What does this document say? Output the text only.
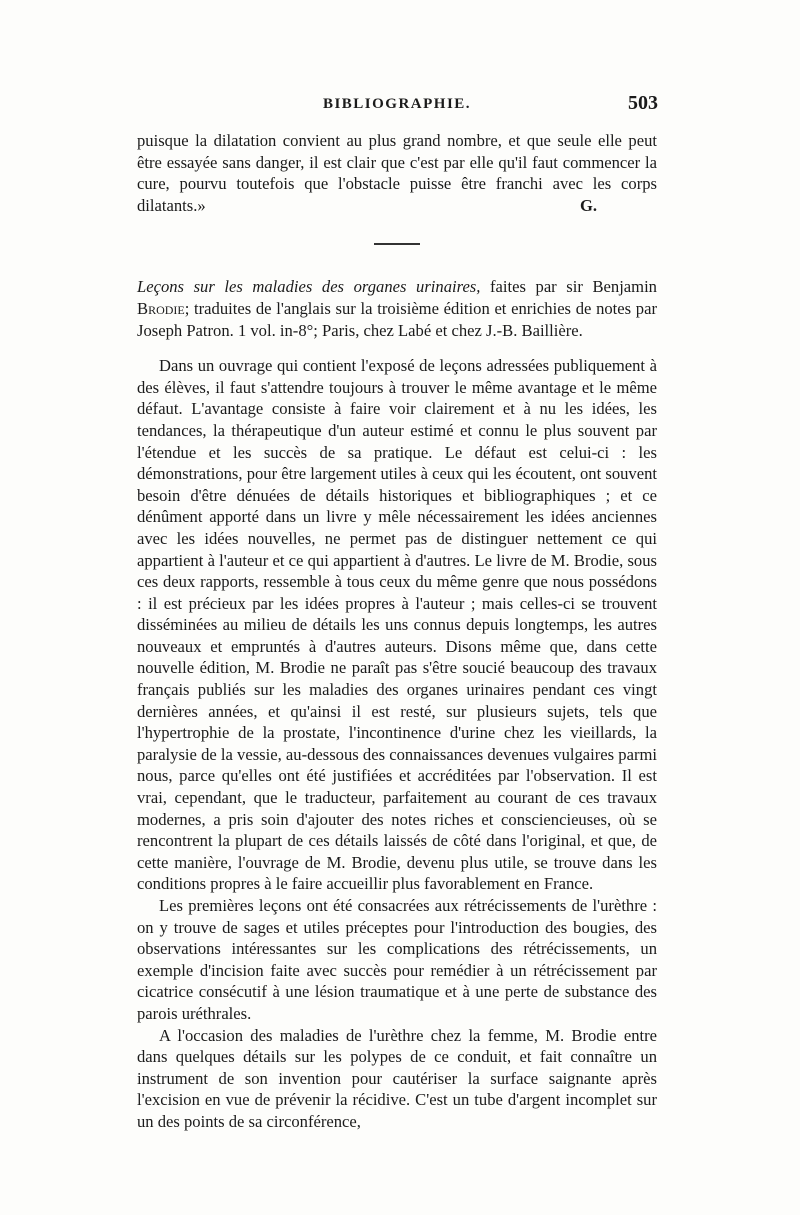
BIBLIOGRAPHIE.	503

puisque la dilatation convient au plus grand nombre, et que seule elle peut être essayée sans danger, il est clair que c'est par elle qu'il faut commencer la cure, pourvu toutefois que l'obstacle puisse être franchi avec les corps dilatants.»	G.

Leçons sur les maladies des organes urinaires, faites par sir Benjamin Brodie; traduites de l'anglais sur la troisième édition et enrichies de notes par Joseph Patron. 1 vol. in-8°; Paris, chez Labé et chez J.-B. Baillière.

Dans un ouvrage qui contient l'exposé de leçons adressées publiquement à des élèves, il faut s'attendre toujours à trouver le même avantage et le même défaut. L'avantage consiste à faire voir clairement et à nu les idées, les tendances, la thérapeutique d'un auteur estimé et connu le plus souvent par l'étendue et les succès de sa pratique. Le défaut est celui-ci : les démonstrations, pour être largement utiles à ceux qui les écoutent, ont souvent besoin d'être dénuées de détails historiques et bibliographiques ; et ce dénûment apporté dans un livre y mêle nécessairement les idées anciennes avec les idées nouvelles, ne permet pas de distinguer nettement ce qui appartient à l'auteur et ce qui appartient à d'autres. Le livre de M. Brodie, sous ces deux rapports, ressemble à tous ceux du même genre que nous possédons : il est précieux par les idées propres à l'auteur ; mais celles-ci se trouvent disséminées au milieu de détails les uns connus depuis longtemps, les autres nouveaux et empruntés à d'autres auteurs. Disons même que, dans cette nouvelle édition, M. Brodie ne paraît pas s'être soucié beaucoup des travaux français publiés sur les maladies des organes urinaires pendant ces vingt dernières années, et qu'ainsi il est resté, sur plusieurs sujets, tels que l'hypertrophie de la prostate, l'incontinence d'urine chez les vieillards, la paralysie de la vessie, au-dessous des connaissances devenues vulgaires parmi nous, parce qu'elles ont été justifiées et accréditées par l'observation. Il est vrai, cependant, que le traducteur, parfaitement au courant de ces travaux modernes, a pris soin d'ajouter des notes riches et consciencieuses, où se rencontrent la plupart de ces détails laissés de côté dans l'original, et que, de cette manière, l'ouvrage de M. Brodie, devenu plus utile, se trouve dans les conditions propres à le faire accueillir plus favorablement en France.

Les premières leçons ont été consacrées aux rétrécissements de l'urèthre : on y trouve de sages et utiles préceptes pour l'introduction des bougies, des observations intéressantes sur les complications des rétrécissements, un exemple d'incision faite avec succès pour remédier à un rétrécissement par cicatrice consécutif à une lésion traumatique et à une perte de substance des parois uréthrales.

A l'occasion des maladies de l'urèthre chez la femme, M. Brodie entre dans quelques détails sur les polypes de ce conduit, et fait connaître un instrument de son invention pour cautériser la surface saignante après l'excision en vue de prévenir la récidive. C'est un tube d'argent incomplet sur un des points de sa circonférence,
